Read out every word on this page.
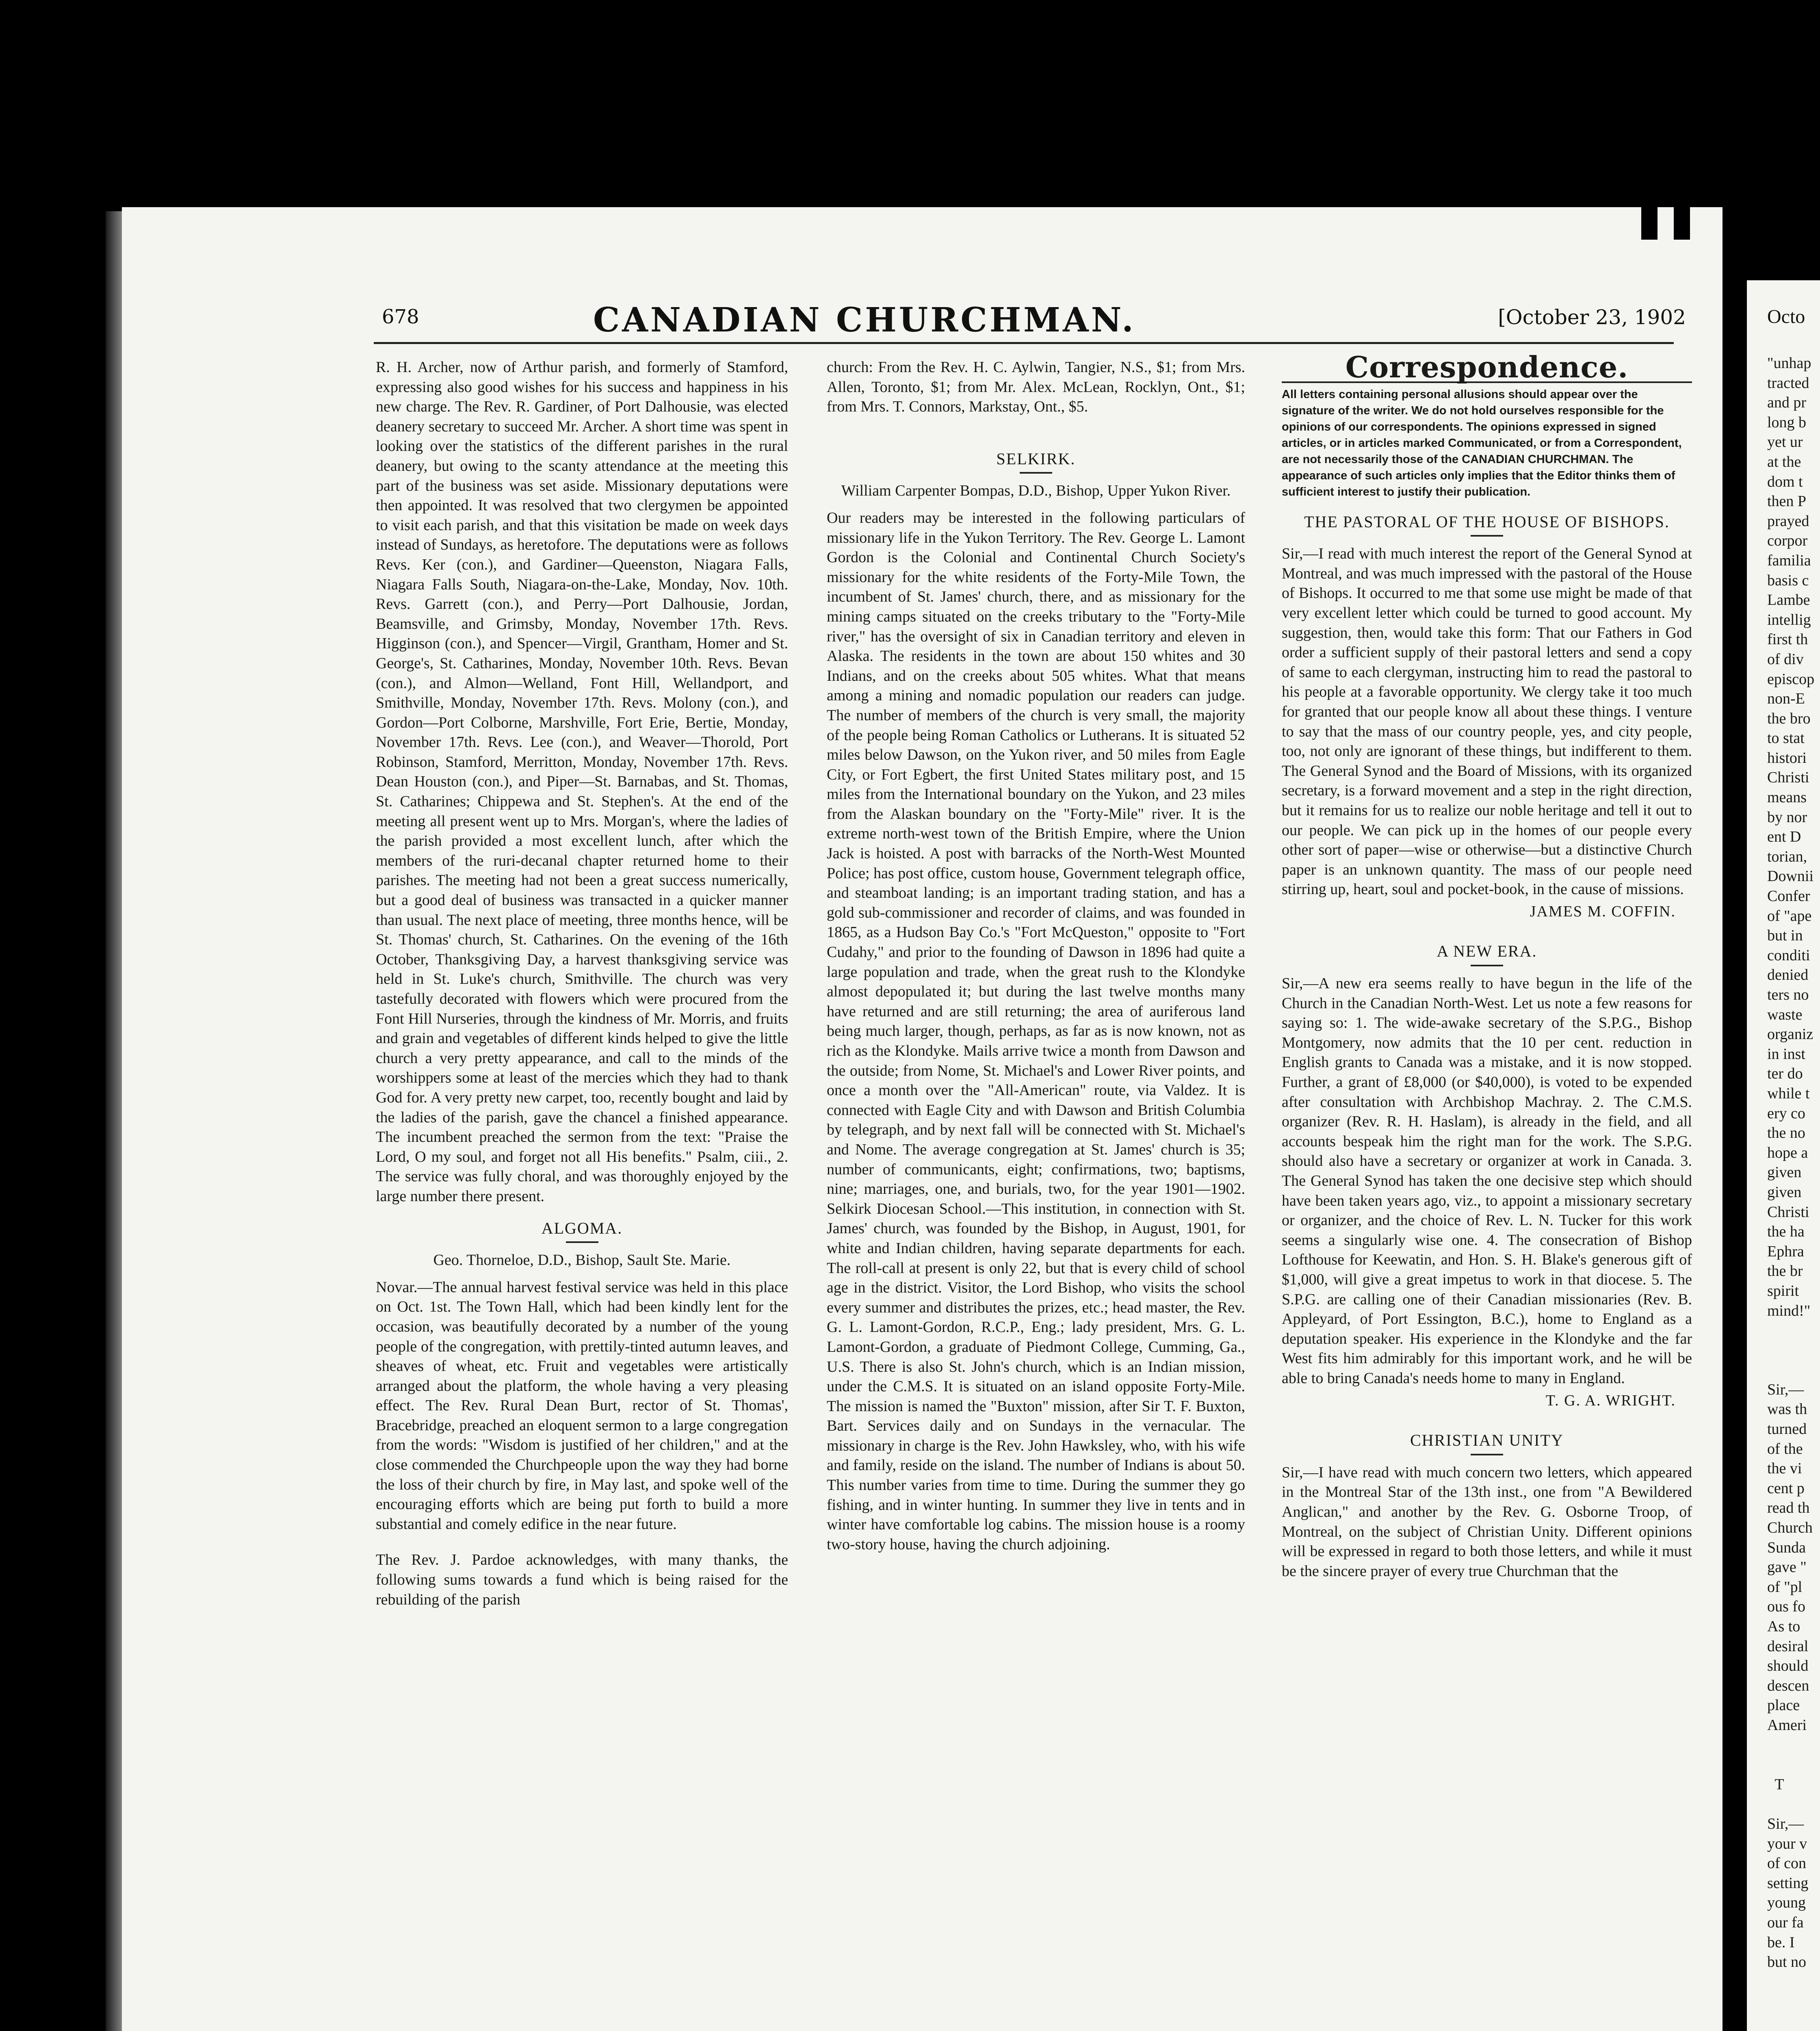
678	CANADIAN CHURCHMAN.	[October 23, 1902

R. H. Archer, now of Arthur parish, and formerly of Stamford, expressing also good wishes for his success and happiness in his new charge. The Rev. R. Gardiner, of Port Dalhousie, was elected deanery secretary to succeed Mr. Archer. A short time was spent in looking over the statistics of the different parishes in the rural deanery, but owing to the scanty attendance at the meeting this part of the business was set aside. Missionary deputations were then appointed. It was resolved that two clergymen be appointed to visit each parish, and that this visitation be made on week days instead of Sundays, as heretofore. The deputations were as follows Revs. Ker (con.), and Gardiner—Queenston, Niagara Falls, Niagara Falls South, Niagara-on-the-Lake, Monday, Nov. 10th. Revs. Garrett (con.), and Perry—Port Dalhousie, Jordan, Beamsville, and Grimsby, Monday, November 17th. Revs. Higginson (con.), and Spencer—Virgil, Grantham, Homer and St. George's, St. Catharines, Monday, November 10th. Revs. Bevan (con.), and Almon—Welland, Font Hill, Wellandport, and Smithville, Monday, November 17th. Revs. Molony (con.), and Gordon—Port Colborne, Marshville, Fort Erie, Bertie, Monday, November 17th. Revs. Lee (con.), and Weaver—Thorold, Port Robinson, Stamford, Merritton, Monday, November 17th. Revs. Dean Houston (con.), and Piper—St. Barnabas, and St. Thomas, St. Catharines; Chippewa and St. Stephen's. At the end of the meeting all present went up to Mrs. Morgan's, where the ladies of the parish provided a most excellent lunch, after which the members of the ruri-decanal chapter returned home to their parishes. The meeting had not been a great success numerically, but a good deal of business was transacted in a quicker manner than usual. The next place of meeting, three months hence, will be St. Thomas' church, St. Catharines. On the evening of the 16th October, Thanksgiving Day, a harvest thanksgiving service was held in St. Luke's church, Smithville. The church was very tastefully decorated with flowers which were procured from the Font Hill Nurseries, through the kindness of Mr. Morris, and fruits and grain and vegetables of different kinds helped to give the little church a very pretty appearance, and call to the minds of the worshippers some at least of the mercies which they had to thank God for. A very pretty new carpet, too, recently bought and laid by the ladies of the parish, gave the chancel a finished appearance. The incumbent preached the sermon from the text: "Praise the Lord, O my soul, and forget not all His benefits." Psalm, ciii., 2. The service was fully choral, and was thoroughly enjoyed by the large number there present.

ALGOMA.

Geo. Thorneloe, D.D., Bishop, Sault Ste. Marie.

Novar.—The annual harvest festival service was held in this place on Oct. 1st. The Town Hall, which had been kindly lent for the occasion, was beautifully decorated by a number of the young people of the congregation, with prettily-tinted autumn leaves, and sheaves of wheat, etc. Fruit and vegetables were artistically arranged about the platform, the whole having a very pleasing effect. The Rev. Rural Dean Burt, rector of St. Thomas', Bracebridge, preached an eloquent sermon to a large congregation from the words: "Wisdom is justified of her children," and at the close commended the Churchpeople upon the way they had borne the loss of their church by fire, in May last, and spoke well of the encouraging efforts which are being put forth to build a more substantial and comely edifice in the near future.

The Rev. J. Pardoe acknowledges, with many thanks, the following sums towards a fund which is being raised for the rebuilding of the parish

church: From the Rev. H. C. Aylwin, Tangier, N.S., $1; from Mrs. Allen, Toronto, $1; from Mr. Alex. McLean, Rocklyn, Ont., $1; from Mrs. T. Connors, Markstay, Ont., $5.

SELKIRK.

William Carpenter Bompas, D.D., Bishop, Upper Yukon River.

Our readers may be interested in the following particulars of missionary life in the Yukon Territory. The Rev. George L. Lamont Gordon is the Colonial and Continental Church Society's missionary for the white residents of the Forty-Mile Town, the incumbent of St. James' church, there, and as missionary for the mining camps situated on the creeks tributary to the "Forty-Mile river," has the oversight of six in Canadian territory and eleven in Alaska. The residents in the town are about 150 whites and 30 Indians, and on the creeks about 505 whites. What that means among a mining and nomadic population our readers can judge. The number of members of the church is very small, the majority of the people being Roman Catholics or Lutherans. It is situated 52 miles below Dawson, on the Yukon river, and 50 miles from Eagle City, or Fort Egbert, the first United States military post, and 15 miles from the International boundary on the Yukon, and 23 miles from the Alaskan boundary on the "Forty-Mile" river. It is the extreme north-west town of the British Empire, where the Union Jack is hoisted. A post with barracks of the North-West Mounted Police; has post office, custom house, Government telegraph office, and steamboat landing; is an important trading station, and has a gold sub-commissioner and recorder of claims, and was founded in 1865, as a Hudson Bay Co.'s "Fort McQueston," opposite to "Fort Cudahy," and prior to the founding of Dawson in 1896 had quite a large population and trade, when the great rush to the Klondyke almost depopulated it; but during the last twelve months many have returned and are still returning; the area of auriferous land being much larger, though, perhaps, as far as is now known, not as rich as the Klondyke. Mails arrive twice a month from Dawson and the outside; from Nome, St. Michael's and Lower River points, and once a month over the "All-American" route, via Valdez. It is connected with Eagle City and with Dawson and British Columbia by telegraph, and by next fall will be connected with St. Michael's and Nome. The average congregation at St. James' church is 35; number of communicants, eight; confirmations, two; baptisms, nine; marriages, one, and burials, two, for the year 1901—1902. Selkirk Diocesan School.—This institution, in connection with St. James' church, was founded by the Bishop, in August, 1901, for white and Indian children, having separate departments for each. The roll-call at present is only 22, but that is every child of school age in the district. Visitor, the Lord Bishop, who visits the school every summer and distributes the prizes, etc.; head master, the Rev. G. L. Lamont-Gordon, R.C.P., Eng.; lady president, Mrs. G. L. Lamont-Gordon, a graduate of Piedmont College, Cumming, Ga., U.S. There is also St. John's church, which is an Indian mission, under the C.M.S. It is situated on an island opposite Forty-Mile. The mission is named the "Buxton" mission, after Sir T. F. Buxton, Bart. Services daily and on Sundays in the vernacular. The missionary in charge is the Rev. John Hawksley, who, with his wife and family, reside on the island. The number of Indians is about 50. This number varies from time to time. During the summer they go fishing, and in winter hunting. In summer they live in tents and in winter have comfortable log cabins. The mission house is a roomy two-story house, having the church adjoining.

Correspondence.

All letters containing personal allusions should appear over the signature of the writer. We do not hold ourselves responsible for the opinions of our correspondents. The opinions expressed in signed articles, or in articles marked Communicated, or from a Correspondent, are not necessarily those of the CANADIAN CHURCHMAN. The appearance of such articles only implies that the Editor thinks them of sufficient interest to justify their publication.

THE PASTORAL OF THE HOUSE OF BISHOPS.

Sir,—I read with much interest the report of the General Synod at Montreal, and was much impressed with the pastoral of the House of Bishops. It occurred to me that some use might be made of that very excellent letter which could be turned to good account. My suggestion, then, would take this form: That our Fathers in God order a sufficient supply of their pastoral letters and send a copy of same to each clergyman, instructing him to read the pastoral to his people at a favorable opportunity. We clergy take it too much for granted that our people know all about these things. I venture to say that the mass of our country people, yes, and city people, too, not only are ignorant of these things, but indifferent to them. The General Synod and the Board of Missions, with its organized secretary, is a forward movement and a step in the right direction, but it remains for us to realize our noble heritage and tell it out to our people. We can pick up in the homes of our people every other sort of paper—wise or otherwise—but a distinctive Church paper is an unknown quantity. The mass of our people need stirring up, heart, soul and pocket-book, in the cause of missions.

JAMES M. COFFIN.

A NEW ERA.

Sir,—A new era seems really to have begun in the life of the Church in the Canadian North-West. Let us note a few reasons for saying so: 1. The wide-awake secretary of the S.P.G., Bishop Montgomery, now admits that the 10 per cent. reduction in English grants to Canada was a mistake, and it is now stopped. Further, a grant of £8,000 (or $40,000), is voted to be expended after consultation with Archbishop Machray. 2. The C.M.S. organizer (Rev. R. H. Haslam), is already in the field, and all accounts bespeak him the right man for the work. The S.P.G. should also have a secretary or organizer at work in Canada. 3. The General Synod has taken the one decisive step which should have been taken years ago, viz., to appoint a missionary secretary or organizer, and the choice of Rev. L. N. Tucker for this work seems a singularly wise one. 4. The consecration of Bishop Lofthouse for Keewatin, and Hon. S. H. Blake's generous gift of $1,000, will give a great impetus to work in that diocese. 5. The S.P.G. are calling one of their Canadian missionaries (Rev. B. Appleyard, of Port Essington, B.C.), home to England as a deputation speaker. His experience in the Klondyke and the far West fits him admirably for this important work, and he will be able to bring Canada's needs home to many in England.

T. G. A. WRIGHT.

CHRISTIAN UNITY

Sir,—I have read with much concern two letters, which appeared in the Montreal Star of the 13th inst., one from "A Bewildered Anglican," and another by the Rev. G. Osborne Troop, of Montreal, on the subject of Christian Unity. Different opinions will be expressed in regard to both those letters, and while it must be the sincere prayer of every true Churchman that the

Octo
"unhap
tracted
and pr
long b
yet ur
at the
dom t
then P
prayed
corpor
familia
basis c
Lambe
intellig
first th
of div
episcop
non-E
the bro
to stat
histori
Christi
means
by nor
ent D
torian,
Downii
Confer
of "ape
but in
conditi
denied
ters no
waste
organiz
in inst
ter do
while t
ery co
the no
hope a
given
given
Christi
the ha
Ephra
the br
spirit
mind!"

Sir,—
was th
turned
of the
the vi
cent p
read th
Church
Sunda
gave "
of "pl
ous fo
As to
desiral
should
descen
place
Ameri

T

Sir,—
your v
of con
setting
young
our fa
be. I
but no
